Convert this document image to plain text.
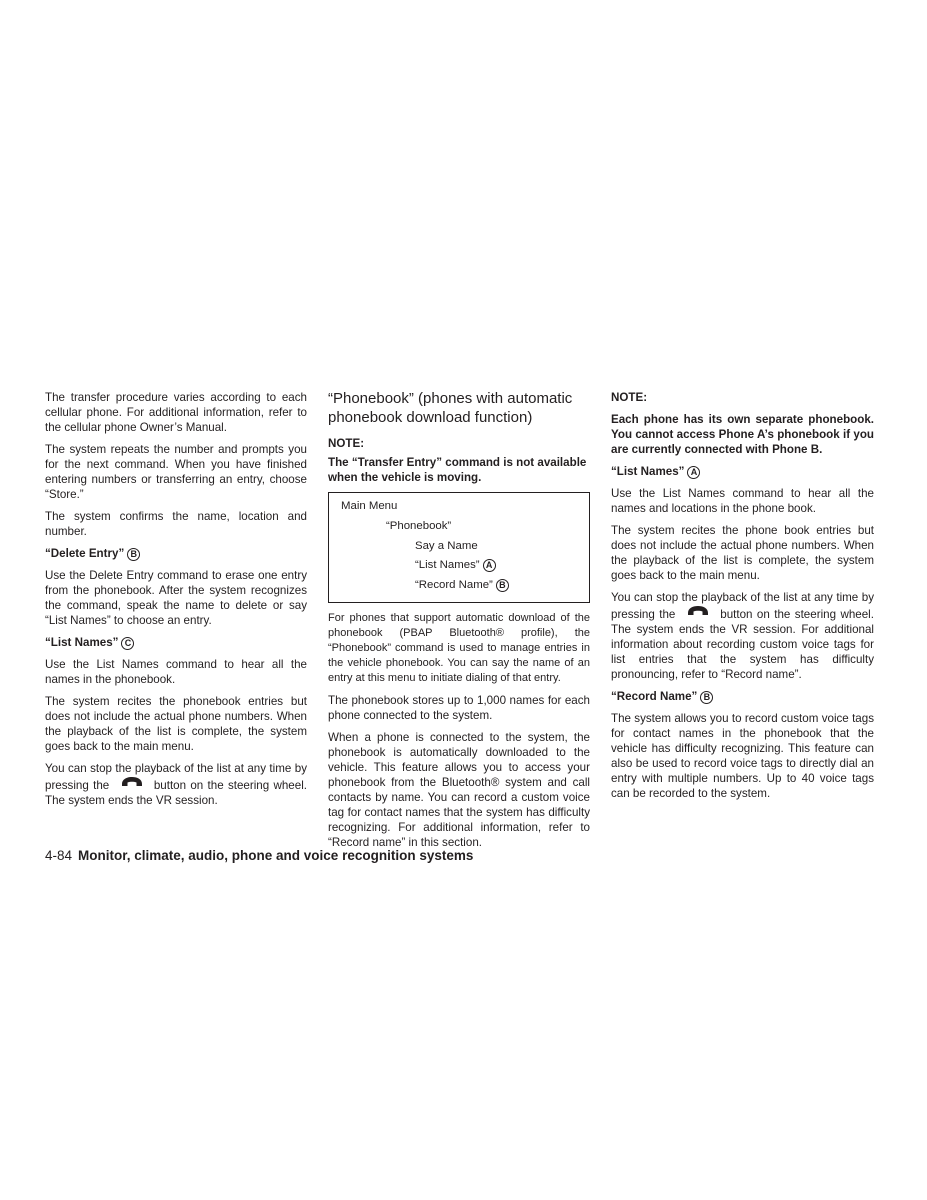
The transfer procedure varies according to each cellular phone. For additional information, refer to the cellular phone Owner’s Manual.

The system repeats the number and prompts you for the next command. When you have finished entering numbers or transferring an entry, choose “Store.”

The system confirms the name, location and number.

“Delete Entry” B

Use the Delete Entry command to erase one entry from the phonebook. After the system recognizes the command, speak the name to delete or say “List Names” to choose an entry.

“List Names” C

Use the List Names command to hear all the names in the phonebook.

The system recites the phonebook entries but does not include the actual phone numbers. When the playback of the list is complete, the system goes back to the main menu.

You can stop the playback of the list at any time by pressing the	button on the steering wheel. The system ends the VR session.

“Phonebook” (phones with automatic phonebook download function)
NOTE:

The “Transfer Entry” command is not available when the vehicle is moving.

Main Menu
“Phonebook”
Say a Name
“List Names” A
“Record Name” B

For phones that support automatic download of the phonebook (PBAP Bluetooth® profile), the “Phonebook” command is used to manage entries in the vehicle phonebook. You can say the name of an entry at this menu to initiate dialing of that entry.

The phonebook stores up to 1,000 names for each phone connected to the system.

When a phone is connected to the system, the phonebook is automatically downloaded to the vehicle. This feature allows you to access your phonebook from the Bluetooth® system and call contacts by name. You can record a custom voice tag for contact names that the system has difficulty recognizing. For additional information, refer to “Record name” in this section.

NOTE:

Each phone has its own separate phonebook. You cannot access Phone A’s phonebook if you are currently connected with Phone B.

“List Names” A

Use the List Names command to hear all the names and locations in the phone book.

The system recites the phone book entries but does not include the actual phone numbers. When the playback of the list is complete, the system goes back to the main menu.

You can stop the playback of the list at any time by pressing the	button on the steering wheel. The system ends the VR session. For additional information about recording custom voice tags for list entries that the system has difficulty pronouncing, refer to “Record name”.

“Record Name” B

The system allows you to record custom voice tags for contact names in the phonebook that the vehicle has difficulty recognizing. This feature can also be used to record voice tags to directly dial an entry with multiple numbers. Up to 40 voice tags can be recorded to the system.

4-84 Monitor, climate, audio, phone and voice recognition systems
